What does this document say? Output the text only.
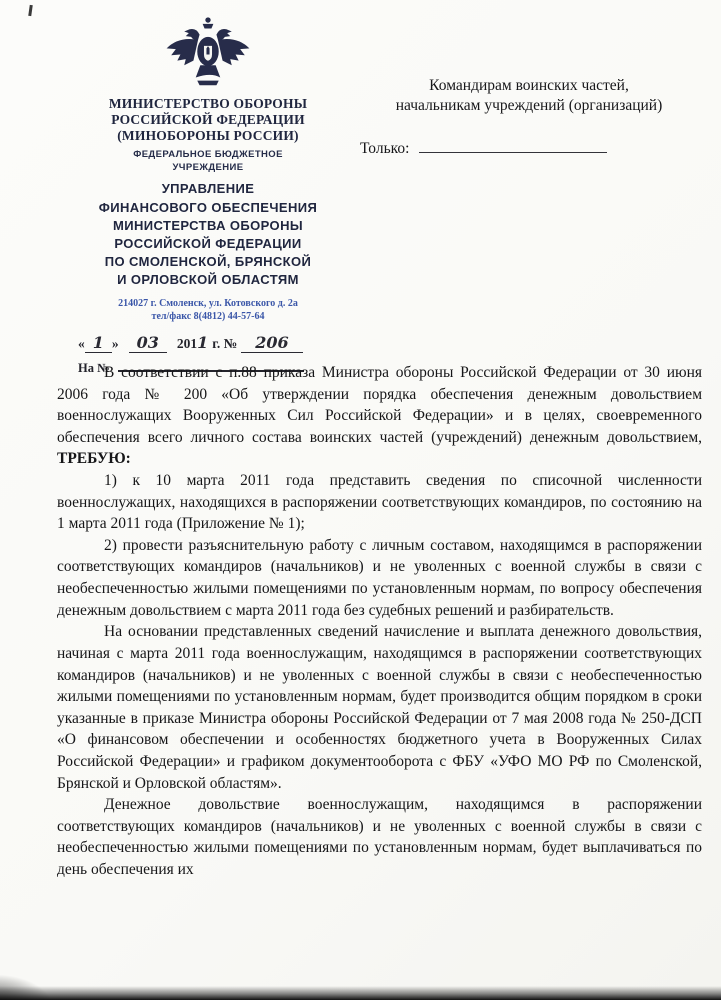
МИНИСТЕРСТВО ОБОРОНЫ
РОССИЙСКОЙ ФЕДЕРАЦИИ
(МИНОБОРОНЫ РОССИИ)
ФЕДЕРАЛЬНОЕ БЮДЖЕТНОЕ
УЧРЕЖДЕНИЕ
УПРАВЛЕНИЕ
ФИНАНСОВОГО ОБЕСПЕЧЕНИЯ
МИНИСТЕРСТВА ОБОРОНЫ
РОССИЙСКОЙ ФЕДЕРАЦИИ
ПО СМОЛЕНСКОЙ, БРЯНСКОЙ
И ОРЛОВСКОЙ ОБЛАСТЯМ
214027 г. Смоленск, ул. Котовского д. 2а
тел/факс 8(4812) 44-57-64
« 1 » 03 2011 г. № 206
На №
Командирам воинских частей,
начальникам учреждений (организаций)
Только:

В соответствии с п.88 приказа Министра обороны Российской Федерации от 30 июня 2006 года № 200 «Об утверждении порядка обеспечения денежным довольствием военнослужащих Вооруженных Сил Российской Федерации» и в целях, своевременного обеспечения всего личного состава воинских частей (учреждений) денежным довольствием, ТРЕБУЮ:

1) к 10 марта 2011 года представить сведения по списочной численности военнослужащих, находящихся в распоряжении соответствующих командиров, по состоянию на 1 марта 2011 года (Приложение № 1);

2) провести разъяснительную работу с личным составом, находящимся в распоряжении соответствующих командиров (начальников) и не уволенных с военной службы в связи с необеспеченностью жилыми помещениями по установленным нормам, по вопросу обеспечения денежным довольствием с марта 2011 года без судебных решений и разбирательств.

На основании представленных сведений начисление и выплата денежного довольствия, начиная с марта 2011 года военнослужащим, находящимся в распоряжении соответствующих командиров (начальников) и не уволенных с военной службы в связи с необеспеченностью жилыми помещениями по установленным нормам, будет производится общим порядком в сроки указанные в приказе Министра обороны Российской Федерации от 7 мая 2008 года № 250-ДСП «О финансовом обеспечении и особенностях бюджетного учета в Вооруженных Силах Российской Федерации» и графиком документооборота с ФБУ «УФО МО РФ по Смоленской, Брянской и Орловской областям».

Денежное довольствие военнослужащим, находящимся в распоряжении соответствующих командиров (начальников) и не уволенных с военной службы в связи с необеспеченностью жилыми помещениями по установленным нормам, будет выплачиваться по день обеспечения их
